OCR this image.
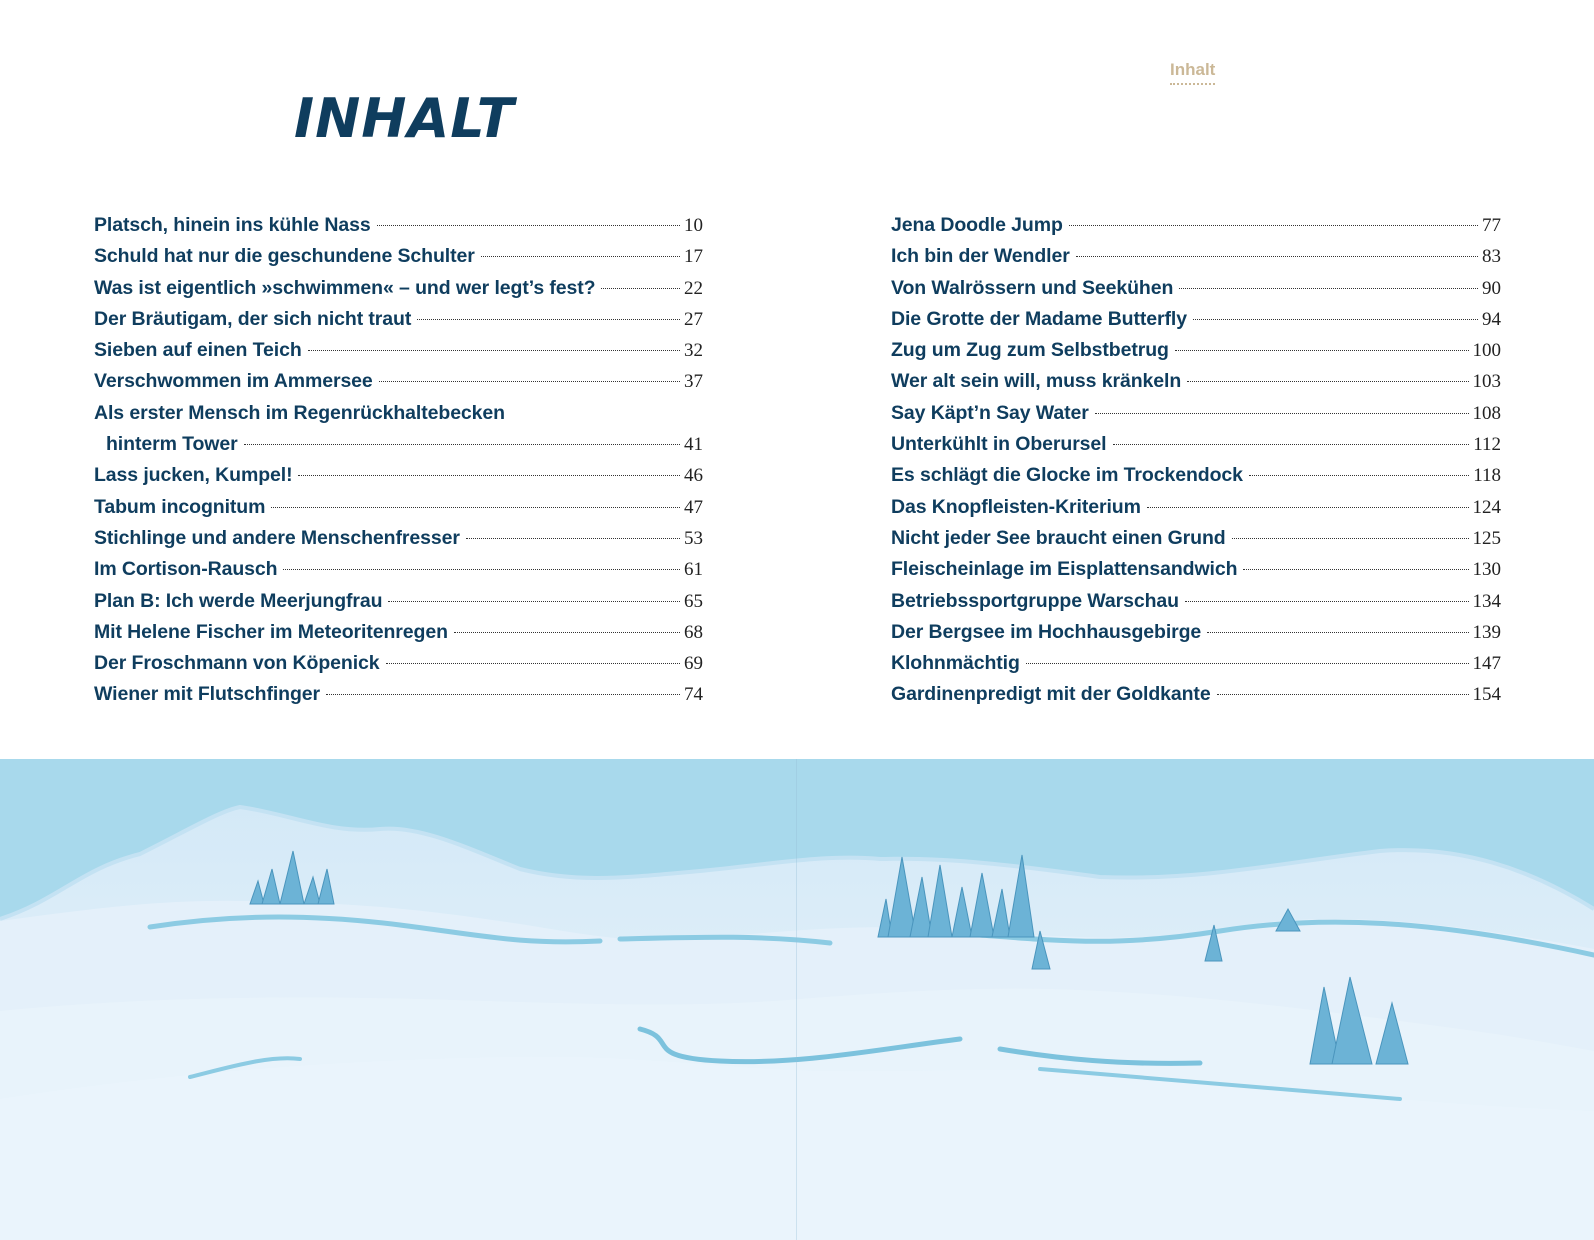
Inhalt
INHALT
Platsch, hinein ins kühle Nass	10
Schuld hat nur die geschundene Schulter	17
Was ist eigentlich »schwimmen« – und wer legt’s fest?	22
Der Bräutigam, der sich nicht traut	27
Sieben auf einen Teich	32
Verschwommen im Ammersee	37
Als erster Mensch im Regenrückhaltebecken
hinterm Tower	41
Lass jucken, Kumpel!	46
Tabum incognitum	47
Stichlinge und andere Menschenfresser	53
Im Cortison-Rausch	61
Plan B: Ich werde Meerjungfrau	65
Mit Helene Fischer im Meteoritenregen	68
Der Froschmann von Köpenick	69
Wiener mit Flutschfinger	74
Jena Doodle Jump	77
Ich bin der Wendler	83
Von Walrössern und Seekühen	90
Die Grotte der Madame Butterfly	94
Zug um Zug zum Selbstbetrug	100
Wer alt sein will, muss kränkeln	103
Say Käpt’n Say Water	108
Unterkühlt in Oberursel	112
Es schlägt die Glocke im Trockendock	118
Das Knopfleisten-Kriterium	124
Nicht jeder See braucht einen Grund	125
Fleischeinlage im Eisplattensandwich	130
Betriebssportgruppe Warschau	134
Der Bergsee im Hochhausgebirge	139
Klohnmächtig	147
Gardinenpredigt mit der Goldkante	154
